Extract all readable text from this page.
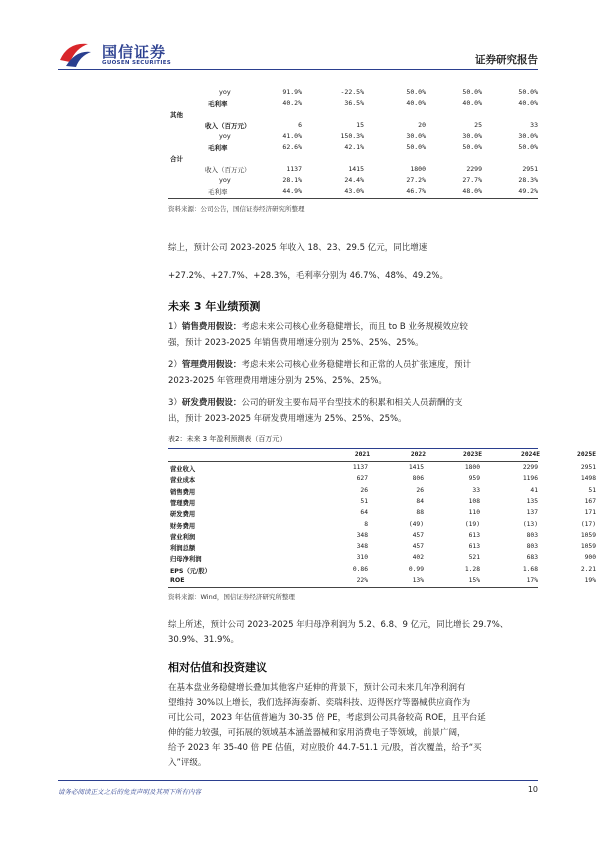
国信证券
GUOSEN SECURITIES	证券研究报告
yoy	91.9%	-22.5%	50.0%	50.0%	50.0%
毛利率	40.2%	36.5%	40.0%	40.0%	40.0%
其他
收入（百万元）	6	15	20	25	33
yoy	41.0%	150.3%	30.0%	30.0%	30.0%
毛利率	62.6%	42.1%	50.0%	50.0%	50.0%
合计
收入（百万元）	1137	1415	1800	2299	2951
yoy	28.1%	24.4%	27.2%	27.7%	28.3%
毛利率	44.9%	43.0%	46.7%	48.0%	49.2%
资料来源：公司公告，国信证券经济研究所整理
综上，预计公司 2023-2025 年收入 18、23、29.5 亿元，同比增速
+27.2%、+27.7%、+28.3%，毛利率分别为 46.7%、48%、49.2%。
未来 3 年业绩预测
1）销售费用假设：考虑未来公司核心业务稳健增长，而且 to B 业务规模效应较
强，预计 2023-2025 年销售费用增速分别为 25%、25%、25%。
2）管理费用假设：考虑未来公司核心业务稳健增长和正常的人员扩张速度，预计
2023-2025 年管理费用增速分别为 25%、25%、25%。
3）研发费用假设：公司的研发主要布局平台型技术的积累和相关人员薪酬的支
出，预计 2023-2025 年研发费用增速为 25%、25%、25%。
表2：未来 3 年盈利预测表（百万元）
2021	2022	2023E	2024E	2025E
营业收入	1137	1415	1800	2299	2951
营业成本	627	806	959	1196	1498
销售费用	26	26	33	41	51
管理费用	51	84	108	135	167
研发费用	64	88	110	137	171
财务费用	8	(49)	(19)	(13)	(17)
营业利润	348	457	613	803	1059
利润总额	348	457	613	803	1059
归母净利润	310	402	521	683	900
EPS（元/股）	0.86	0.99	1.28	1.68	2.21
ROE	22%	13%	15%	17%	19%
资料来源：Wind，国信证券经济研究所整理
综上所述，预计公司 2023-2025 年归母净利润为 5.2、6.8、9 亿元，同比增长 29.7%、
30.9%、31.9%。
相对估值和投资建议
在基本盘业务稳健增长叠加其他客户延伸的背景下，预计公司未来几年净利润有
望维持 30%以上增长，我们选择海泰新、奕瑞科技、迈得医疗等器械供应商作为
可比公司，2023 年估值普遍为 30-35 倍 PE，考虑到公司具备较高 ROE，且平台延
伸的能力较强，可拓展的领域基本涵盖器械和家用消费电子等领域，前景广阔，
给予 2023 年 35-40 倍 PE 估值，对应股价 44.7-51.1 元/股，首次覆盖，给予“买
入”评级。
请务必阅读正文之后的免责声明及其项下所有内容	10
